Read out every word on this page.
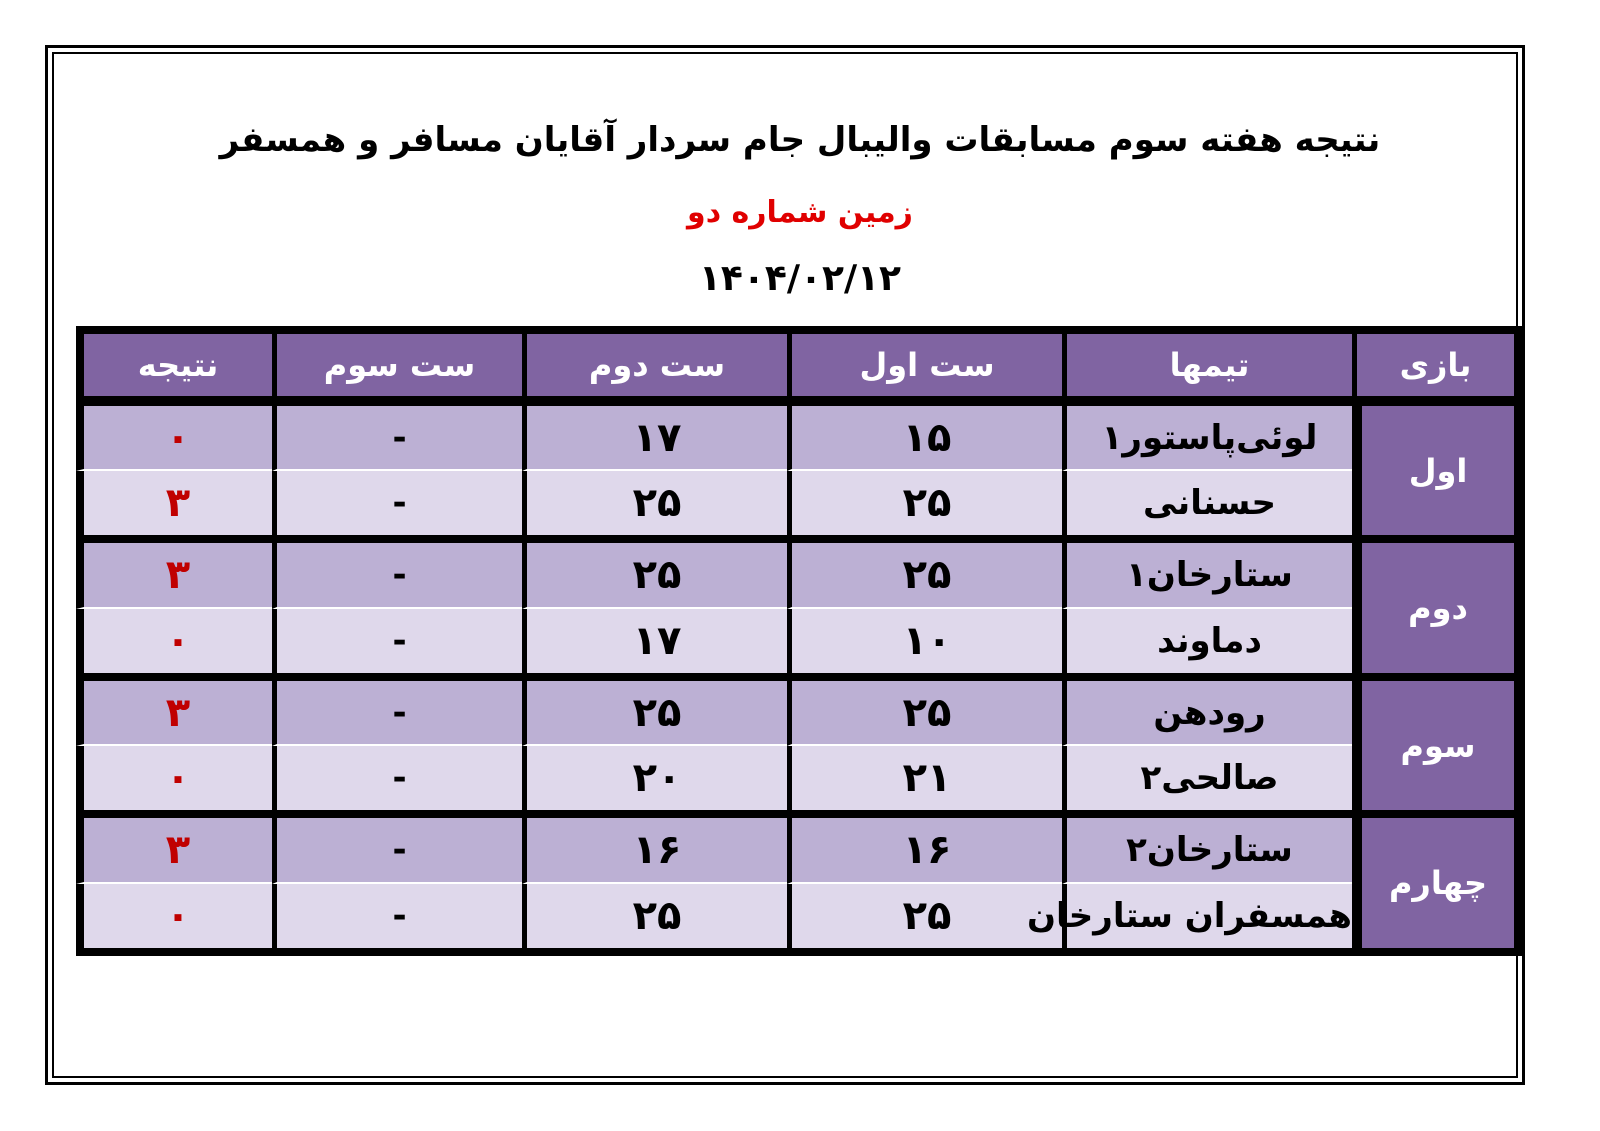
نتیجه هفته سوم مسابقات والیبال جام سردار آقایان مسافر و همسفر
زمین شماره دو
۱۴۰۴/۰۲/۱۲
بازی	تیمها	ست اول	ست دوم	ست سوم	نتیجه
اول	لوئی‌پاستور۱	۱۵	۱۷	-	۰
	حسنانی	۲۵	۲۵	-	۳
دوم	ستارخان۱	۲۵	۲۵	-	۳
	دماوند	۱۰	۱۷	-	۰
سوم	رودهن	۲۵	۲۵	-	۳
	صالحی۲	۲۱	۲۰	-	۰
چهارم	ستارخان۲	۱۶	۱۶	-	۳
	همسفران ستارخان	۲۵	۲۵	-	۰
